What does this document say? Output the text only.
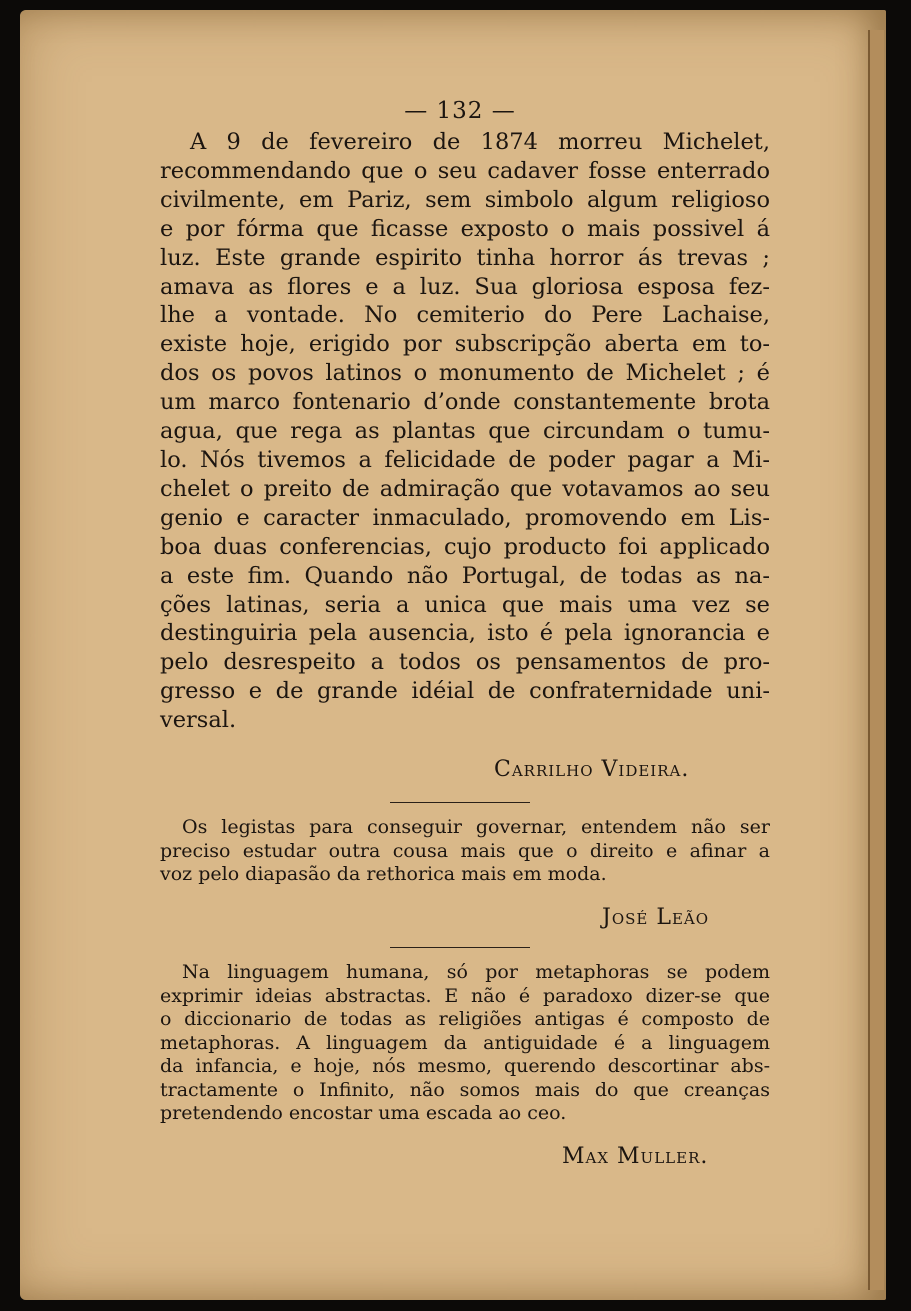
— 132 —
A 9 de fevereiro de 1874 morreu Michelet,
recommendando que o seu cadaver fosse enterrado
civilmente, em Pariz, sem simbolo algum religioso
e por fórma que ficasse exposto o mais possivel á
luz. Este grande espirito tinha horror ás trevas ;
amava as flores e a luz. Sua gloriosa esposa fez-
lhe a vontade. No cemiterio do Pere Lachaise,
existe hoje, erigido por subscripção aberta em to-
dos os povos latinos o monumento de Michelet ; é
um marco fontenario d’onde constantemente brota
agua, que rega as plantas que circundam o tumu-
lo. Nós tivemos a felicidade de poder pagar a Mi-
chelet o preito de admiração que votavamos ao seu
genio e caracter inmaculado, promovendo em Lis-
boa duas conferencias, cujo producto foi applicado
a este fim. Quando não Portugal, de todas as na-
ções latinas, seria a unica que mais uma vez se
destinguiria pela ausencia, isto é pela ignorancia e
pelo desrespeito a todos os pensamentos de pro-
gresso e de grande idéial de confraternidade uni-
versal.
Carrilho Videira.
Os legistas para conseguir governar, entendem não ser
preciso estudar outra cousa mais que o direito e afinar a
voz pelo diapasão da rethorica mais em moda.
José Leão
Na linguagem humana, só por metaphoras se podem
exprimir ideias abstractas. E não é paradoxo dizer-se que
o diccionario de todas as religiões antigas é composto de
metaphoras. A linguagem da antiguidade é a linguagem
da infancia, e hoje, nós mesmo, querendo descortinar abs-
tractamente o Infinito, não somos mais do que creanças
pretendendo encostar uma escada ao ceo.
Max Muller.
